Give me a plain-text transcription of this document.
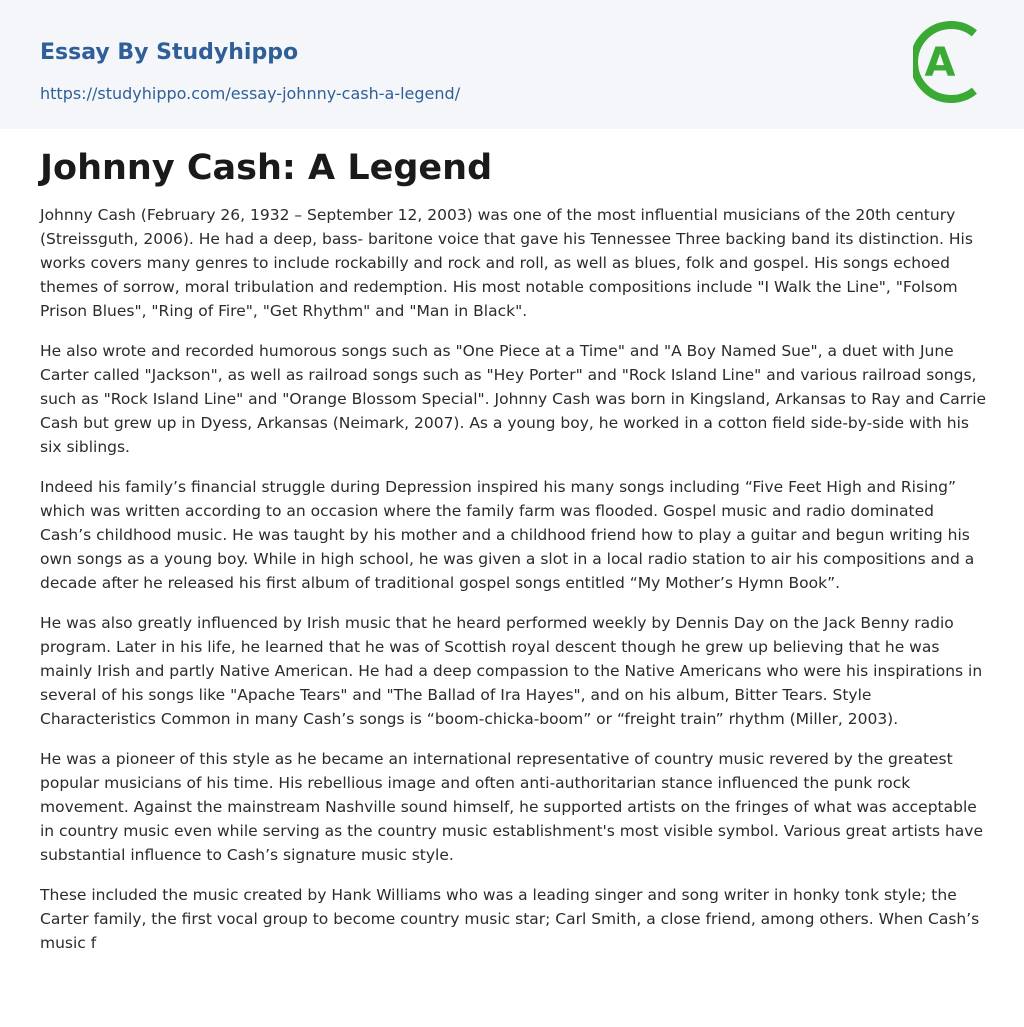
Essay By Studyhippo
https://studyhippo.com/essay-johnny-cash-a-legend/
A
Johnny Cash: A Legend

Johnny Cash (February 26, 1932 – September 12, 2003) was one of the most influential musicians of the 20th century (Streissguth, 2006). He had a deep, bass- baritone voice that gave his Tennessee Three backing band its distinction. His works covers many genres to include rockabilly and rock and roll, as well as blues, folk and gospel. His songs echoed themes of sorrow, moral tribulation and redemption. His most notable compositions include "I Walk the Line", "Folsom Prison Blues", "Ring of Fire", "Get Rhythm" and "Man in Black".

He also wrote and recorded humorous songs such as "One Piece at a Time" and "A Boy Named Sue", a duet with June Carter called "Jackson", as well as railroad songs such as "Hey Porter" and "Rock Island Line" and various railroad songs, such as "Rock Island Line" and "Orange Blossom Special". Johnny Cash was born in Kingsland, Arkansas to Ray and Carrie Cash but grew up in Dyess, Arkansas (Neimark, 2007). As a young boy, he worked in a cotton field side-by-side with his six siblings.

Indeed his family’s financial struggle during Depression inspired his many songs including “Five Feet High and Rising” which was written according to an occasion where the family farm was flooded. Gospel music and radio dominated Cash’s childhood music. He was taught by his mother and a childhood friend how to play a guitar and begun writing his own songs as a young boy. While in high school, he was given a slot in a local radio station to air his compositions and a decade after he released his first album of traditional gospel songs entitled “My Mother’s Hymn Book”.

He was also greatly influenced by Irish music that he heard performed weekly by Dennis Day on the Jack Benny radio program. Later in his life, he learned that he was of Scottish royal descent though he grew up believing that he was mainly Irish and partly Native American. He had a deep compassion to the Native Americans who were his inspirations in several of his songs like "Apache Tears" and "The Ballad of Ira Hayes", and on his album, Bitter Tears. Style Characteristics Common in many Cash’s songs is “boom-chicka-boom” or “freight train” rhythm (Miller, 2003).

He was a pioneer of this style as he became an international representative of country music revered by the greatest popular musicians of his time. His rebellious image and often anti-authoritarian stance influenced the punk rock movement. Against the mainstream Nashville sound himself, he supported artists on the fringes of what was acceptable in country music even while serving as the country music establishment's most visible symbol. Various great artists have substantial influence to Cash’s signature music style.

These included the music created by Hank Williams who was a leading singer and song writer in honky tonk style; the Carter family, the first vocal group to become country music star; Carl Smith, a close friend, among others. When Cash’s music f
